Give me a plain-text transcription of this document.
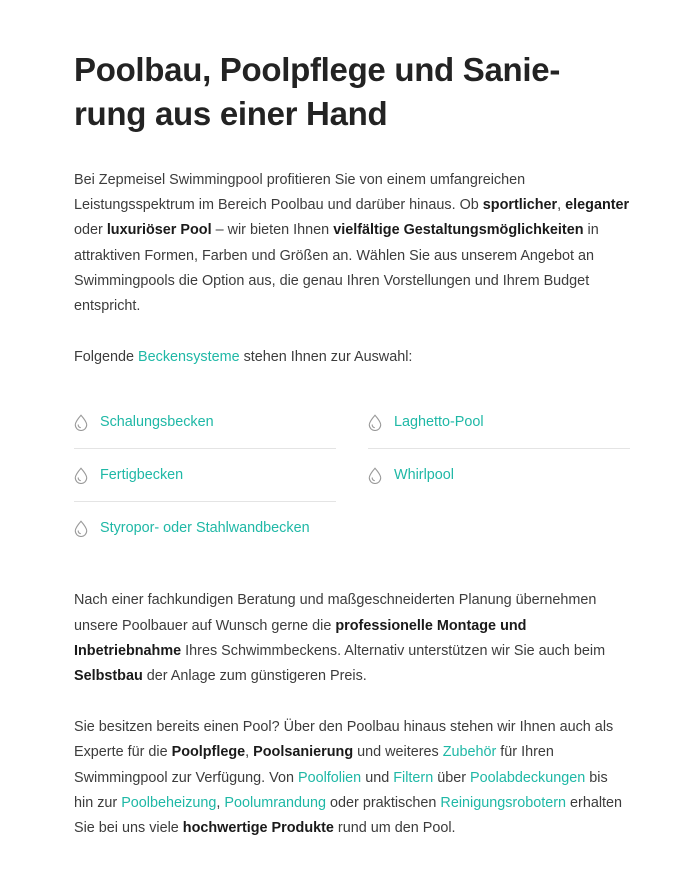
Poolbau, Poolpflege und Sanie-
rung aus einer Hand

Bei Zepmeisel Swimmingpool profitieren Sie von einem umfangreichen Leistungsspektrum im Bereich Poolbau und darüber hinaus. Ob sportlicher, eleganter oder luxuriöser Pool – wir bieten Ihnen vielfältige Gestaltungsmöglichkeiten in attraktiven Formen, Farben und Größen an. Wählen Sie aus unserem Angebot an Swimmingpools die Option aus, die genau Ihren Vorstellungen und Ihrem Budget entspricht.

Folgende Beckensysteme stehen Ihnen zur Auswahl:

Schalungsbecken	Laghetto-Pool
Fertigbecken	Whirlpool
Styropor- oder Stahlwandbecken

Nach einer fachkundigen Beratung und maßgeschneiderten Planung übernehmen unsere Poolbauer auf Wunsch gerne die professionelle Montage und Inbetriebnahme Ihres Schwimmbeckens. Alternativ unterstützen wir Sie auch beim Selbstbau der Anlage zum günstigeren Preis.

Sie besitzen bereits einen Pool? Über den Poolbau hinaus stehen wir Ihnen auch als Experte für die Poolpflege, Poolsanierung und weiteres Zubehör für Ihren Swimmingpool zur Verfügung. Von Poolfolien und Filtern über Poolabdeckungen bis hin zur Poolbeheizung, Poolumrandung oder praktischen Reinigungsrobotern erhalten Sie bei uns viele hochwertige Produkte rund um den Pool.
